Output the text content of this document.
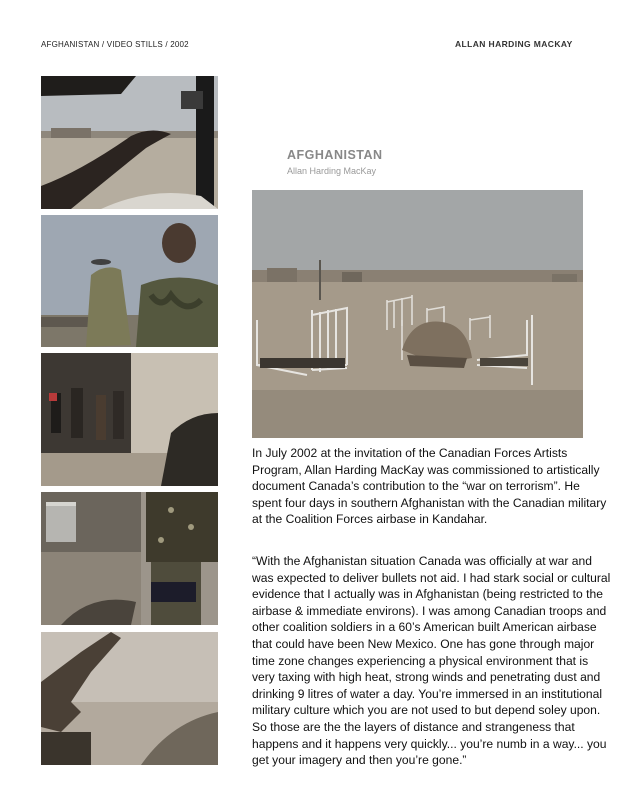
AFGHANISTAN / VIDEO STILLS / 2002	ALLAN HARDING MACKAY
AFGHANISTAN
Allan Harding MacKay
In July 2002 at the invitation of the Canadian Forces Artists Program, Allan Harding MacKay was commissioned to artistically document Canada’s contribution to the “war on terrorism”. He spent four days in southern Afghanistan with the Canadian military at the Coalition Forces airbase in Kandahar.
“With the Afghanistan situation Canada was officially at war and was expected to deliver bullets not aid. I had stark social or cultural evidence that I actually was in Afghanistan (being restricted to the airbase & immediate environs). I was among Canadian troops and other coalition soldiers in a 60’s American built American airbase that could have been New Mexico. One has gone through major time zone changes experiencing a physical environment that is very taxing with high heat, strong winds and penetrating dust and drinking 9 litres of water a day. You’re immersed in an institutional military culture which you are not used to but depend soley upon. So those are the the layers of distance and strangeness that happens and it happens very quickly... you’re numb in a way... you get your imagery and then you’re gone.”
